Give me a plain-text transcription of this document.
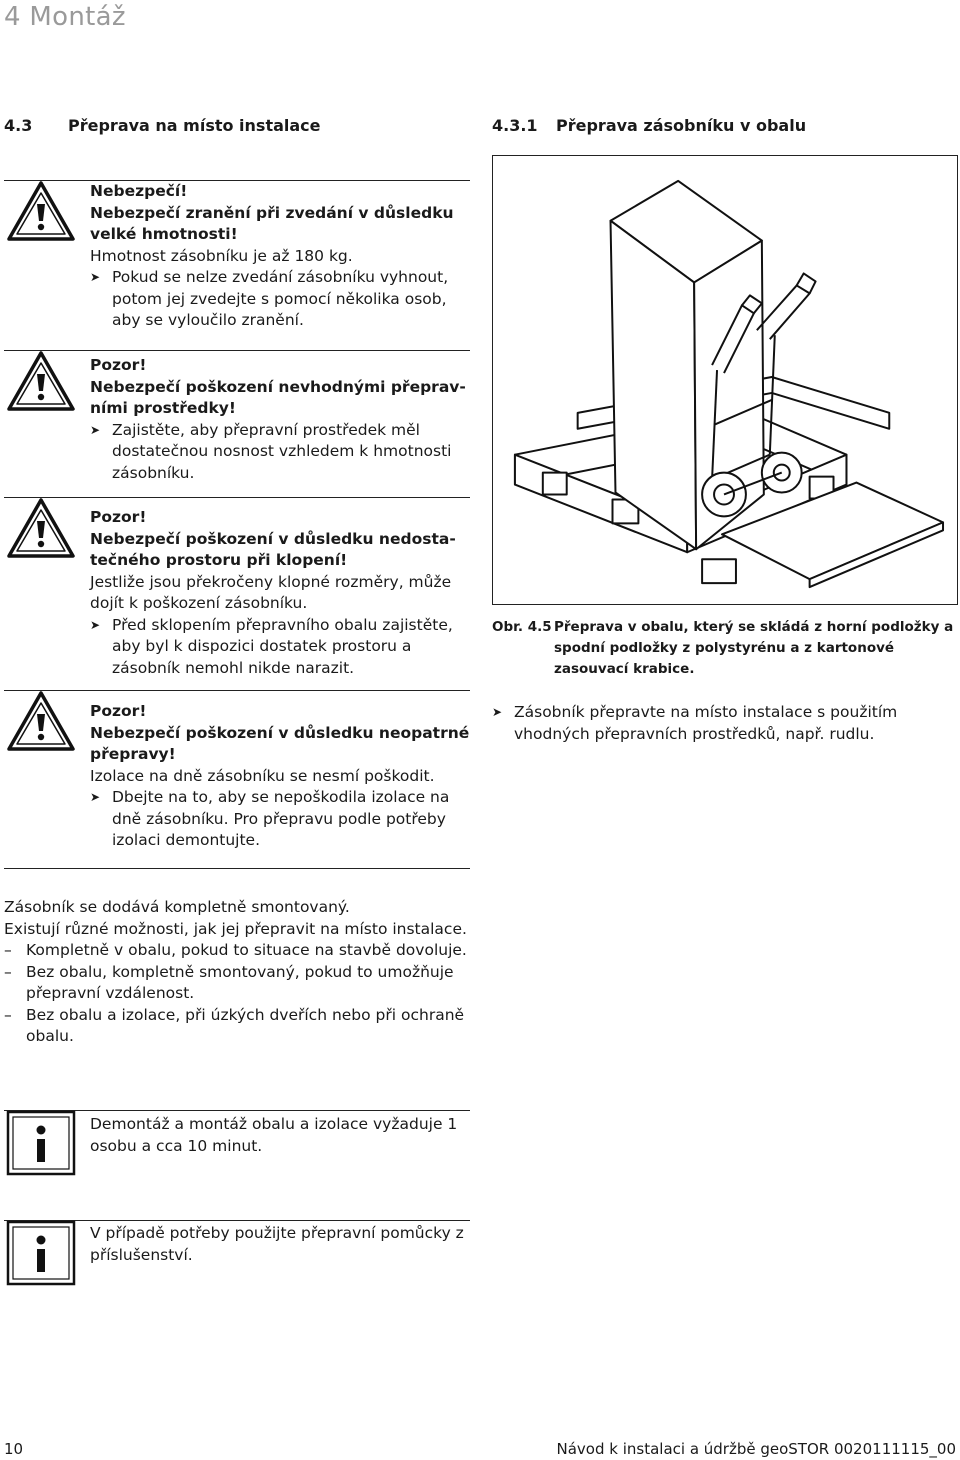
4 Montáž
4.3 Přeprava na místo instalace	4.3.1 Přeprava zásobníku v obalu
Nebezpečí!
Nebezpečí zranění při zvedání v důsledku velké hmotnosti!
Hmotnost zásobníku je až 180 kg.
➤ Pokud se nelze zvedání zásobníku vyhnout, potom jej zvedejte s pomocí několika osob, aby se vyloučilo zranění.
Pozor!
Nebezpečí poškození nevhodnými přepravními prostředky!
➤ Zajistěte, aby přepravní prostředek měl dostatečnou nosnost vzhledem k hmotnosti zásobníku.
Pozor!
Nebezpečí poškození v důsledku nedostatečného prostoru při klopení!
Jestliže jsou překročeny klopné rozměry, může dojít k poškození zásobníku.
➤ Před sklopením přepravního obalu zajistěte, aby byl k dispozici dostatek prostoru a zásobník nemohl nikde narazit.
Pozor!
Nebezpečí poškození v důsledku neopatrné přepravy!
Izolace na dně zásobníku se nesmí poškodit.
➤ Dbejte na to, aby se nepoškodila izolace na dně zásobníku. Pro přepravu podle potřeby izolaci demontujte.
Obr. 4.5 Přeprava v obalu, který se skládá z horní podložky a spodní podložky z polystyrénu a z kartonové zasouvací krabice.
➤ Zásobník přepravte na místo instalace s použitím vhodných přepravních prostředků, např. rudlu.
Zásobník se dodává kompletně smontovaný.
Existují různé možnosti, jak jej přepravit na místo instalace.
– Kompletně v obalu, pokud to situace na stavbě dovoluje.
– Bez obalu, kompletně smontovaný, pokud to umožňuje přepravní vzdálenost.
– Bez obalu a izolace, při úzkých dveřích nebo při ochraně obalu.
Demontáž a montáž obalu a izolace vyžaduje 1 osobu a cca 10 minut.
V případě potřeby použijte přepravní pomůcky z příslušenství.
10	Návod k instalaci a údržbě geoSTOR 0020111115_00
